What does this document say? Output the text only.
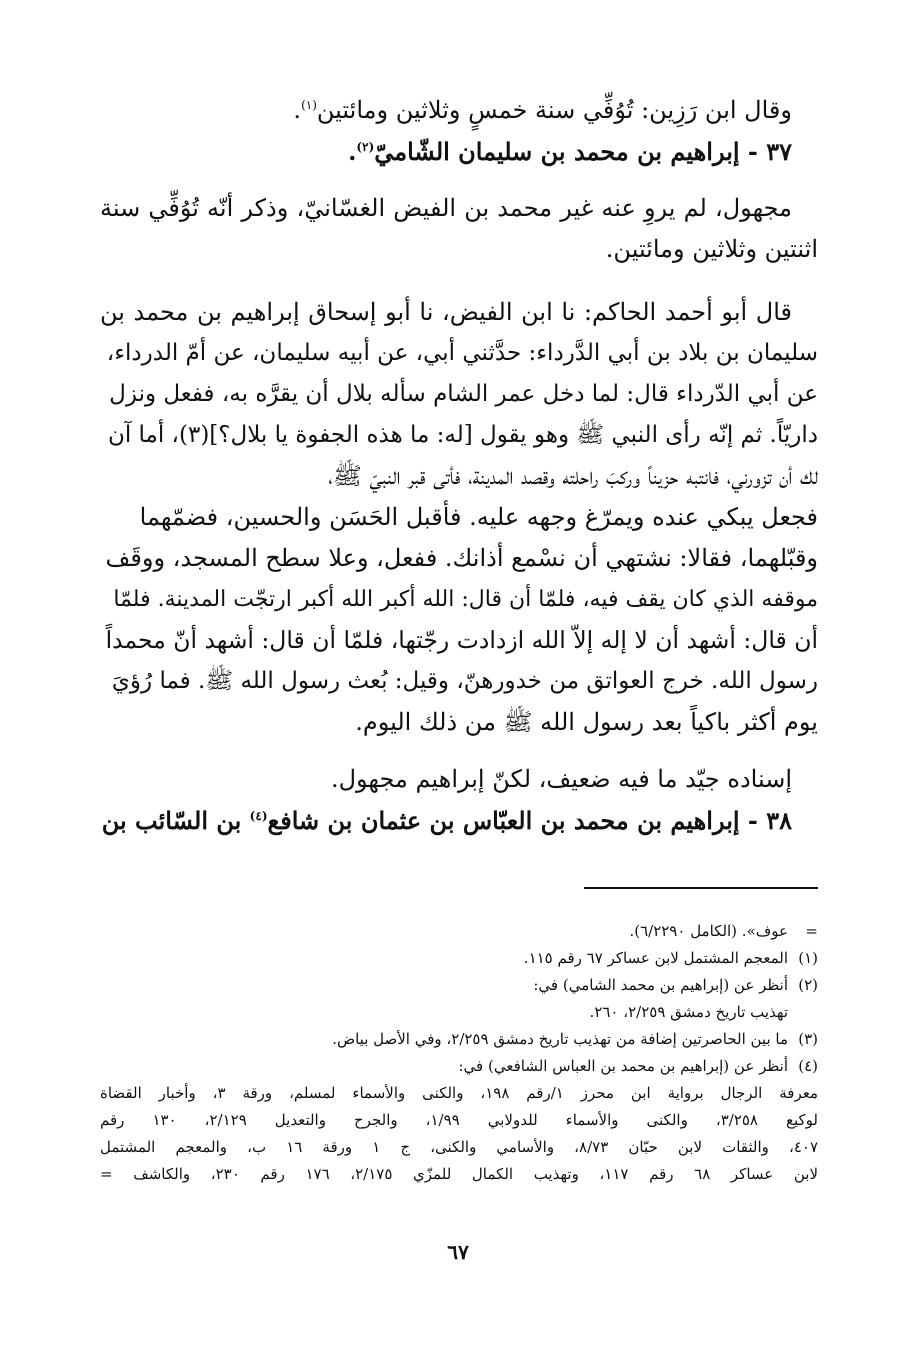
وقال ابن رَزِين: تُوُفِّي سنة خمسٍ وثلاثين ومائتين$^{(١)}$.

٣٧ - إبراهيم بن محمد بن سليمان الشّاميّ$^{(٢)}$.

مجهول، لم يروِ عنه غير محمد بن الفيض الغسّانيّ، وذكر أنّه تُوُفِّي سنة
اثنتين وثلاثين ومائتين.
قال أبو أحمد الحاكم: نا ابن الفيض، نا أبو إسحاق إبراهيم بن محمد بن
سليمان بن بلاد بن أبي الدَّرداء: حدَّثني أبي، عن أبيه سليمان، عن أمّ الدرداء،
عن أبي الدّرداء قال: لما دخل عمر الشام سأله بلال أن يقرَّه به، ففعل ونزل
داريّاً. ثم إنّه رأى النبي ﷺ وهو يقول [له: ما هذه الجفوة يا بلال؟](٣)، أما آن
لك أن تزورني، فانتبه حزيناً وركبَ راحلته وقصد المدينة، فأتى قبر النبيّ ﷺ،
فجعل يبكي عنده ويمرّغ وجهه عليه. فأقبل الحَسَن والحسين، فضمّهما
وقبّلهما، فقالا: نشتهي أن نسْمع أذانك. ففعل، وعلا سطح المسجد، ووقَف
موقفه الذي كان يقف فيه، فلمّا أن قال: الله أكبر الله أكبر ارتجّت المدينة. فلمّا
أن قال: أشهد أن لا إله إلاّ الله ازدادت رجّتها، فلمّا أن قال: أشهد أنّ محمداً
رسول الله. خرج العواتق من خدورهنّ، وقيل: بُعث رسول الله ﷺ. فما رُؤيَ
يوم أكثر باكياً بعد رسول الله ﷺ من ذلك اليوم.

إسناده جيّد ما فيه ضعيف، لكنّ إبراهيم مجهول.

٣٨ - إبراهيم بن محمد بن العبّاس بن عثمان بن شافع$^{(٤)}$ بن السّائب بن

=
عوف». (الكامل ٦/٢٢٩٠).
(١)
المعجم المشتمل لابن عساكر ٦٧ رقم ١١٥.
(٢)
أنظر عن (إبراهيم بن محمد الشامي) في:
تهذيب تاريخ دمشق ٢/٢٥٩، ٢٦٠.
(٣)
ما بين الحاصرتين إضافة من تهذيب تاريخ دمشق ٢/٢٥٩، وفي الأصل بياض.
(٤)
أنظر عن (إبراهيم بن محمد بن العباس الشافعي) في:
معرفة الرجال برواية ابن محرز ١/رقم ١٩٨، والكنى والأسماء لمسلم، ورقة ٣، وأخبار القضاة
لوكيع ٣/٢٥٨، والكنى والأسماء للدولابي ١/٩٩، والجرح والتعديل ٢/١٢٩، ١٣٠ رقم
٤٠٧، والثقات لابن حبّان ٨/٧٣، والأسامي والكنى، ج ١ ورقة ١٦ ب، والمعجم المشتمل
لابن عساكر ٦٨ رقم ١١٧، وتهذيب الكمال للمزّي ٢/١٧٥، ١٧٦ رقم ٢٣٠، والكاشف =
٦٧
